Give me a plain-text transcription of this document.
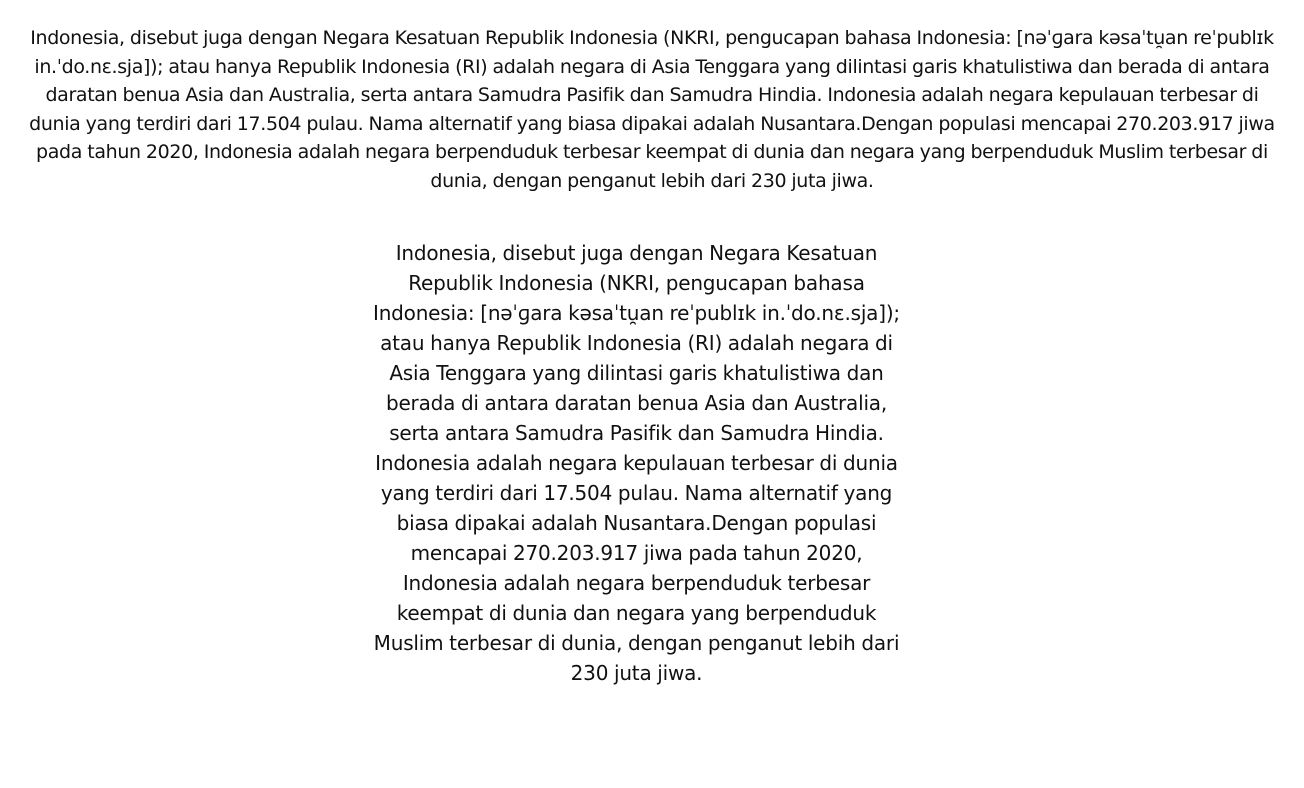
Indonesia, disebut juga dengan Negara Kesatuan Republik Indonesia (NKRI, pengucapan bahasa Indonesia: [nəˈɡara kəsaˈtu̯an reˈpublɪk in.ˈdo.nɛ.sja]); atau hanya Republik Indonesia (RI) adalah negara di Asia Tenggara yang dilintasi garis khatulistiwa dan berada di antara daratan benua Asia dan Australia, serta antara Samudra Pasifik dan Samudra Hindia. Indonesia adalah negara kepulauan terbesar di dunia yang terdiri dari 17.504 pulau. Nama alternatif yang biasa dipakai adalah Nusantara.Dengan populasi mencapai 270.203.917 jiwa pada tahun 2020, Indonesia adalah negara berpenduduk terbesar keempat di dunia dan negara yang berpenduduk Muslim terbesar di dunia, dengan penganut lebih dari 230 juta jiwa.

Indonesia, disebut juga dengan Negara Kesatuan Republik Indonesia (NKRI, pengucapan bahasa Indonesia: [nəˈɡara kəsaˈtu̯an reˈpublɪk in.ˈdo.nɛ.sja]); atau hanya Republik Indonesia (RI) adalah negara di Asia Tenggara yang dilintasi garis khatulistiwa dan berada di antara daratan benua Asia dan Australia, serta antara Samudra Pasifik dan Samudra Hindia. Indonesia adalah negara kepulauan terbesar di dunia yang terdiri dari 17.504 pulau. Nama alternatif yang biasa dipakai adalah Nusantara.Dengan populasi mencapai 270.203.917 jiwa pada tahun 2020, Indonesia adalah negara berpenduduk terbesar keempat di dunia dan negara yang berpenduduk Muslim terbesar di dunia, dengan penganut lebih dari 230 juta jiwa.
